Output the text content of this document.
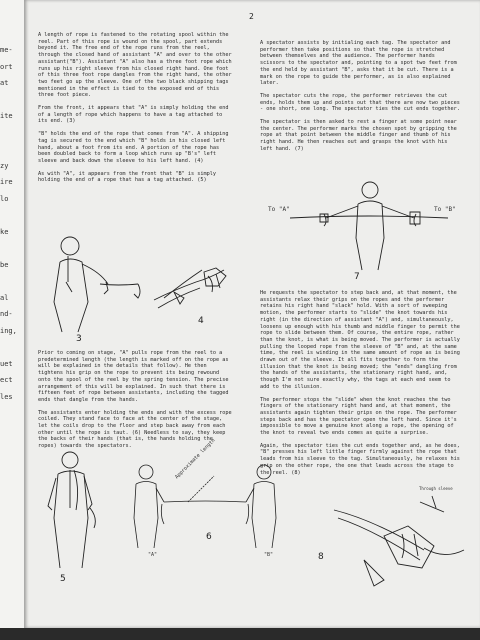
me-
ort
at
ite
zy
ire
lo
ke
be
al
nd-
ing,
uet
ect
les
2

A length of rope is fastened to the rotating spool within the reel. Part of this rope is wound on the spool, part extends beyond it. The free end of the rope runs from the reel, through the closed hand of assistant "A" and over to the other assistant("B"). Assistant "A" also has a three foot rope which runs up his right sleeve from his closed right hand. One foot of this three foot rope dangles from the right hand, the other two feet go up the sleeve. One of the two black shipping tags mentioned in the effect is tied to the exposed end of this three foot piece.

From the front, it appears that "A" is simply holding the end of a length of rope which happens to have a tag attached to its end. (3)

"B" holds the end of the rope that comes from "A". A shipping tag is secured to the end which "B" holds in his closed left hand, about a foot from its end. A portion of the rope has been doubled back to form a loop which runs up "B's" left sleeve and back down the sleeve to his left hand. (4)

As with "A", it appears from the front that "B" is simply holding the end of a rope that has a tag attached. (5)

3
4

Prior to coming on stage, "A" pulls rope from the reel to a predetermined length (the length is marked off on the rope as will be explained in the details that follow). He then tightens his grip on the rope to prevent its being rewound onto the spool of the reel by the spring tension. The precise arrangement of this will be explained. In such that there is fifteen feet of rope between assistants, including the tagged ends that dangle from the hands.

The assistants enter holding the ends and with the excess rope coiled. They stand face to face at the center of the stage, let the coils drop to the floor and step back away from each other until the rope is taut. (6) Needless to say, they keep the backs of their hands (that is, the hands holding the ropes) towards the spectators.

5
Approximate length
"A"	"B"
6

A spectator assists by initialing each tag. The spectator and performer then take positions so that the rope is stretched between themselves and the audience. The performer hands scissors to the spectator and, pointing to a spot two feet from the end held by assistant "B", asks that it be cut. There is a mark on the rope to guide the performer, as is also explained later.

The spectator cuts the rope, the performer retrieves the cut ends, holds them up and points out that there are now two pieces - one short, one long. The spectator ties the cut ends together.

The spectator is then asked to rest a finger at some point near the center. The performer marks the chosen spot by gripping the rope at that point between the middle finger and thumb of his right hand. He then reaches out and grasps the knot with his left hand. (7)

To "A"	To "B"
7

He requests the spectator to step back and, at that moment, the assistants relax their grips on the ropes and the performer retains his right hand "slack" hold. With a sort of sweeping motion, the performer starts to "slide" the knot towards his right (in the direction of assistant "A") and, simultaneously, loosens up enough with his thumb and middle finger to permit the rope to slide between them. Of course, the entire rope, rather than the knot, is what is being moved. The performer is actually pulling the looped rope from the sleeve of "B" and, at the same time, the reel is winding in the same amount of rope as is being drawn out of the sleeve. It all fits together to form the illusion that the knot is being moved; the "ends" dangling from the hands of the assistants, the stationary right hand, and, though I'm not sure exactly why, the tags at each end seem to add to the illusion.

The performer stops the "slide" when the knot reaches the two fingers of the stationary right hand and, at that moment, the assistants again tighten their grips on the rope. The performer steps back and has the spectator open the left hand. Since it's impossible to move a genuine knot along a rope, the opening of the knot to reveal two ends comes as quite a surprise.

Again, the spectator ties the cut ends together and, as he does, "B" presses his left little finger firmly against the rope that leads from his sleeve to the tag. Simultaneously, he relaxes his grip on the other rope, the one that leads across the stage to the reel. (8)

Through sleeve
8
